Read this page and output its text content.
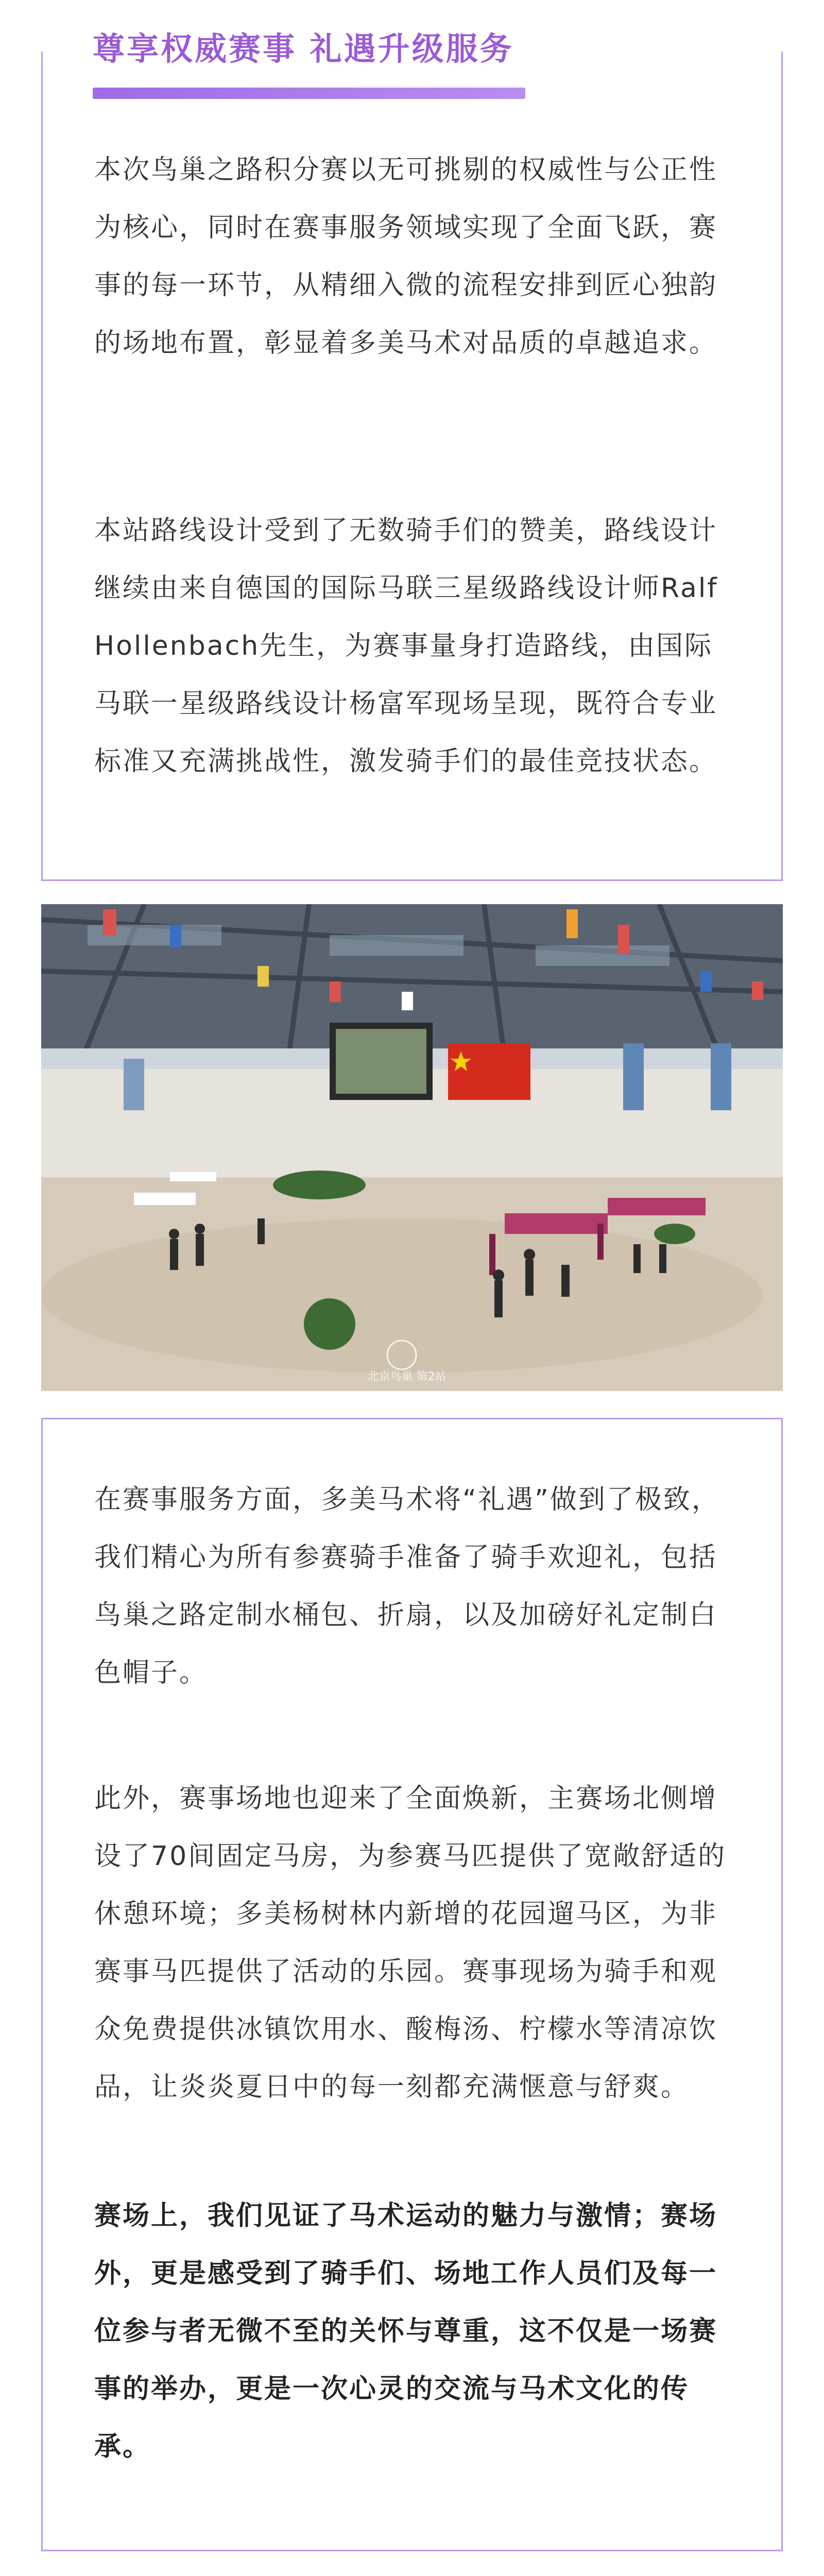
尊享权威赛事 礼遇升级服务

本次鸟巢之路积分赛以无可挑剔的权威性与公正性为核心，同时在赛事服务领域实现了全面飞跃，赛事的每一环节，从精细入微的流程安排到匠心独韵的场地布置，彰显着多美马术对品质的卓越追求。

本站路线设计受到了无数骑手们的赞美，路线设计继续由来自德国的国际马联三星级路线设计师Ralf Hollenbach先生，为赛事量身打造路线，由国际马联一星级路线设计杨富军现场呈现，既符合专业标准又充满挑战性，激发骑手们的最佳竞技状态。

北京鸟巢 第2站

在赛事服务方面，多美马术将“礼遇”做到了极致，我们精心为所有参赛骑手准备了骑手欢迎礼，包括鸟巢之路定制水桶包、折扇，以及加磅好礼定制白色帽子。

此外，赛事场地也迎来了全面焕新，主赛场北侧增设了70间固定马房，为参赛马匹提供了宽敞舒适的休憩环境；多美杨树林内新增的花园遛马区，为非赛事马匹提供了活动的乐园。赛事现场为骑手和观众免费提供冰镇饮用水、酸梅汤、柠檬水等清凉饮品，让炎炎夏日中的每一刻都充满惬意与舒爽。

赛场上，我们见证了马术运动的魅力与激情；赛场外，更是感受到了骑手们、场地工作人员们及每一位参与者无微不至的关怀与尊重，这不仅是一场赛事的举办，更是一次心灵的交流与马术文化的传承。
